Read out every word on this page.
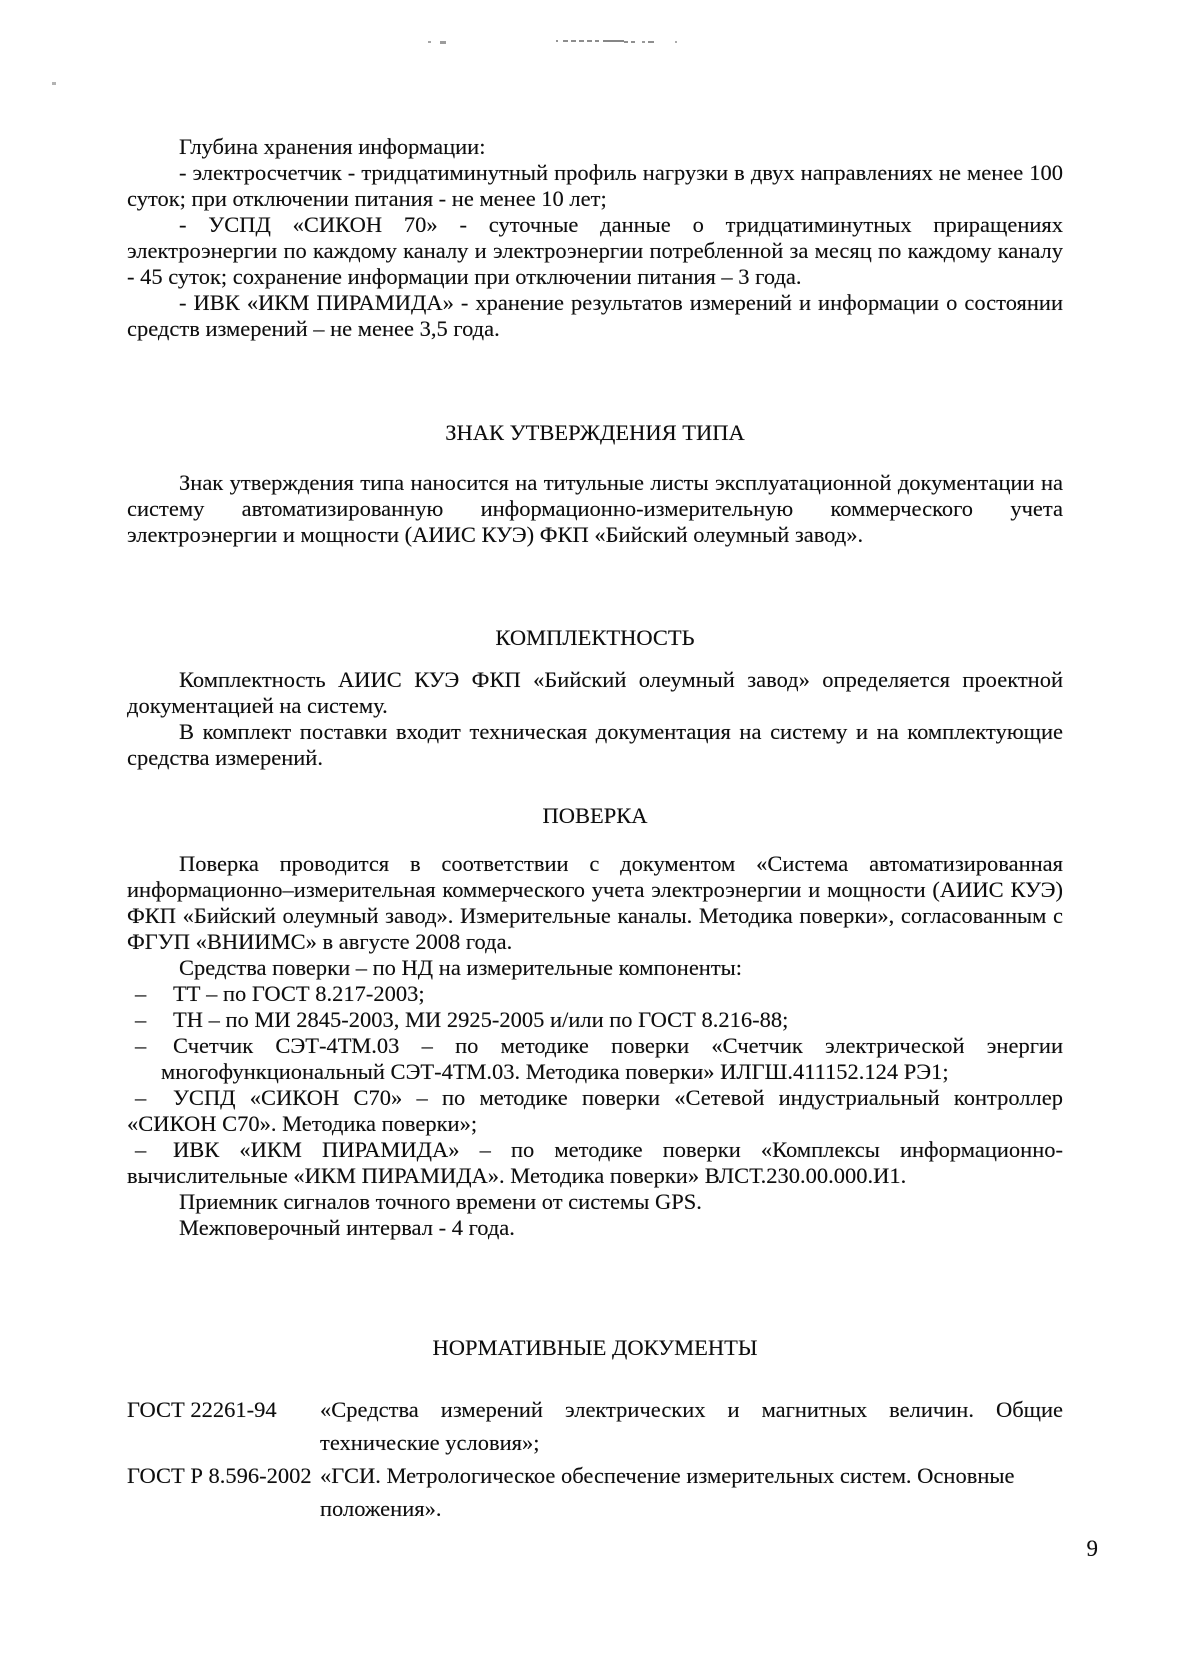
Глубина хранения информации:
- электросчетчик - тридцатиминутный профиль нагрузки в двух направлениях не менее 100
суток; при отключении питания - не менее 10 лет;
- УСПД «СИКОН 70» - суточные данные о тридцатиминутных приращениях
электроэнергии по каждому каналу и электроэнергии потребленной за месяц по каждому каналу
- 45 суток; сохранение информации при отключении питания – 3 года.
- ИВК «ИКМ ПИРАМИДА» - хранение результатов измерений и информации о состоянии
средств измерений – не менее 3,5 года.
ЗНАК УТВЕРЖДЕНИЯ ТИПА
Знак утверждения типа наносится на титульные листы эксплуатационной документации на
систему автоматизированную информационно-измерительную коммерческого учета
электроэнергии и мощности (АИИС КУЭ) ФКП «Бийский олеумный завод».
КОМПЛЕКТНОСТЬ
Комплектность АИИС КУЭ ФКП «Бийский олеумный завод» определяется проектной
документацией на систему.
В комплект поставки входит техническая документация на систему и на комплектующие
средства измерений.
ПОВЕРКА
Поверка проводится в соответствии с документом «Система автоматизированная
информационно–измерительная коммерческого учета электроэнергии и мощности (АИИС КУЭ)
ФКП «Бийский олеумный завод». Измерительные каналы. Методика поверки», согласованным с
ФГУП «ВНИИМС» в августе 2008 года.
Средства поверки – по НД на измерительные компоненты:
– ТТ – по ГОСТ 8.217-2003;
– ТН – по МИ 2845-2003, МИ 2925-2005 и/или по ГОСТ 8.216-88;
– Счетчик СЭТ-4ТМ.03 – по методике поверки «Счетчик электрической энергии
многофункциональный СЭТ-4ТМ.03. Методика поверки» ИЛГШ.411152.124 РЭ1;
– УСПД «СИКОН С70» – по методике поверки «Сетевой индустриальный контроллер
«СИКОН С70». Методика поверки»;
– ИВК «ИКМ ПИРАМИДА» – по методике поверки «Комплексы информационно-
вычислительные «ИКМ ПИРАМИДА». Методика поверки» ВЛСТ.230.00.000.И1.
Приемник сигналов точного времени от системы GPS.
Межповерочный интервал - 4 года.
НОРМАТИВНЫЕ ДОКУМЕНТЫ
ГОСТ 22261-94	«Средства измерений электрических и магнитных величин. Общие
технические условия»;
ГОСТ Р 8.596-2002 «ГСИ. Метрологическое обеспечение измерительных систем. Основные
положения».
9
